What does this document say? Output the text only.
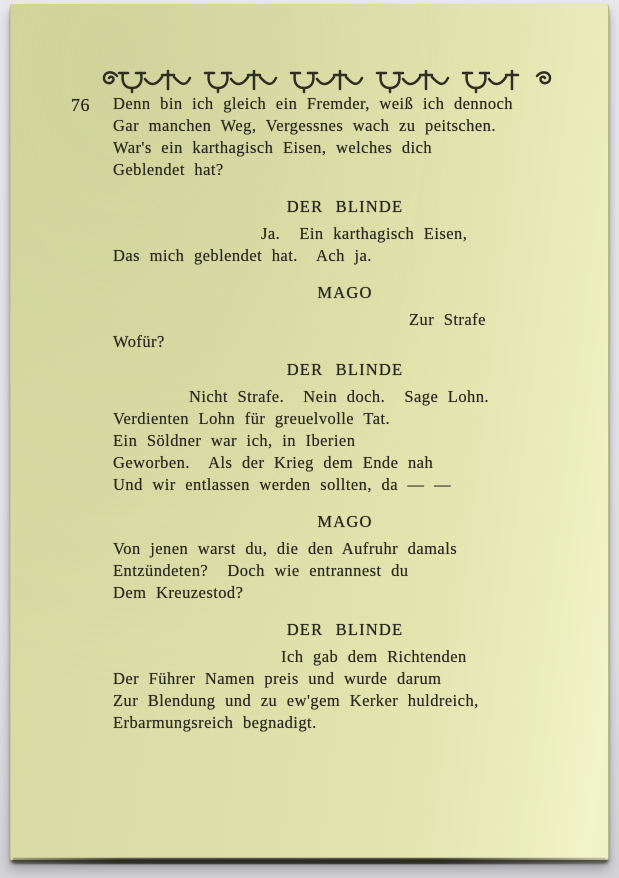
76 Denn bin ich gleich ein Fremder, weiß ich dennoch
Gar manchen Weg, Vergessnes wach zu peitschen.
War's ein karthagisch Eisen, welches dich
Geblendet hat?
DER BLINDE
Ja.  Ein karthagisch Eisen,
Das mich geblendet hat.  Ach ja.
MAGO
Zur Strafe
Wofür?
DER BLINDE
Nicht Strafe.  Nein doch.  Sage Lohn.
Verdienten Lohn für greuelvolle Tat.
Ein Söldner war ich, in Iberien
Geworben.  Als der Krieg dem Ende nah
Und wir entlassen werden sollten, da — —
MAGO
Von jenen warst du, die den Aufruhr damals
Entzündeten?  Doch wie entrannest du
Dem Kreuzestod?
DER BLINDE
Ich gab dem Richtenden
Der Führer Namen preis und wurde darum
Zur Blendung und zu ew'gem Kerker huldreich,
Erbarmungsreich begnadigt.
